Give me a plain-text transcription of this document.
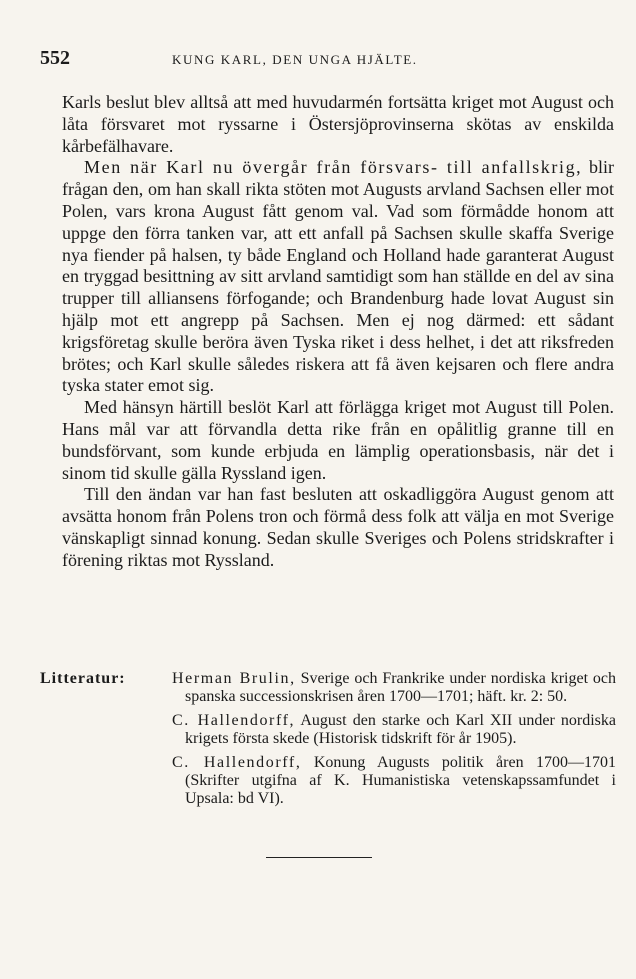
552	KUNG KARL, DEN UNGA HJÄLTE.

Karls beslut blev alltså att med huvudarmén fortsätta kriget mot August och låta försvaret mot ryssarne i Östersjöprovinserna skötas av enskilda kårbefälhavare.

Men när Karl nu övergår från försvars- till anfallskrig, blir frågan den, om han skall rikta stöten mot Augusts arvland Sachsen eller mot Polen, vars krona August fått genom val. Vad som förmådde honom att uppge den förra tanken var, att ett anfall på Sachsen skulle skaffa Sverige nya fiender på halsen, ty både England och Holland hade garanterat August en tryggad besittning av sitt arvland samtidigt som han ställde en del av sina trupper till alliansens förfogande; och Brandenburg hade lovat August sin hjälp mot ett angrepp på Sachsen. Men ej nog därmed: ett sådant krigsföretag skulle beröra även Tyska riket i dess helhet, i det att riksfreden brötes; och Karl skulle således riskera att få även kejsaren och flere andra tyska stater emot sig.

Med hänsyn härtill beslöt Karl att förlägga kriget mot August till Polen. Hans mål var att förvandla detta rike från en opålitlig granne till en bundsförvant, som kunde erbjuda en lämplig operationsbasis, när det i sinom tid skulle gälla Ryssland igen.

Till den ändan var han fast besluten att oskadliggöra August genom att avsätta honom från Polens tron och förmå dess folk att välja en mot Sverige vänskapligt sinnad konung. Sedan skulle Sveriges och Polens stridskrafter i förening riktas mot Ryssland.

Litteratur:	Herman Brulin, Sverige och Frankrike under nordiska kriget och spanska successionskrisen åren 1700—1701; häft. kr. 2: 50.
C. Hallendorff, August den starke och Karl XII under nordiska krigets första skede (Historisk tidskrift för år 1905).
C. Hallendorff, Konung Augusts politik åren 1700—1701 (Skrifter utgifna af K. Humanistiska vetenskapssamfundet i Upsala: bd VI).
